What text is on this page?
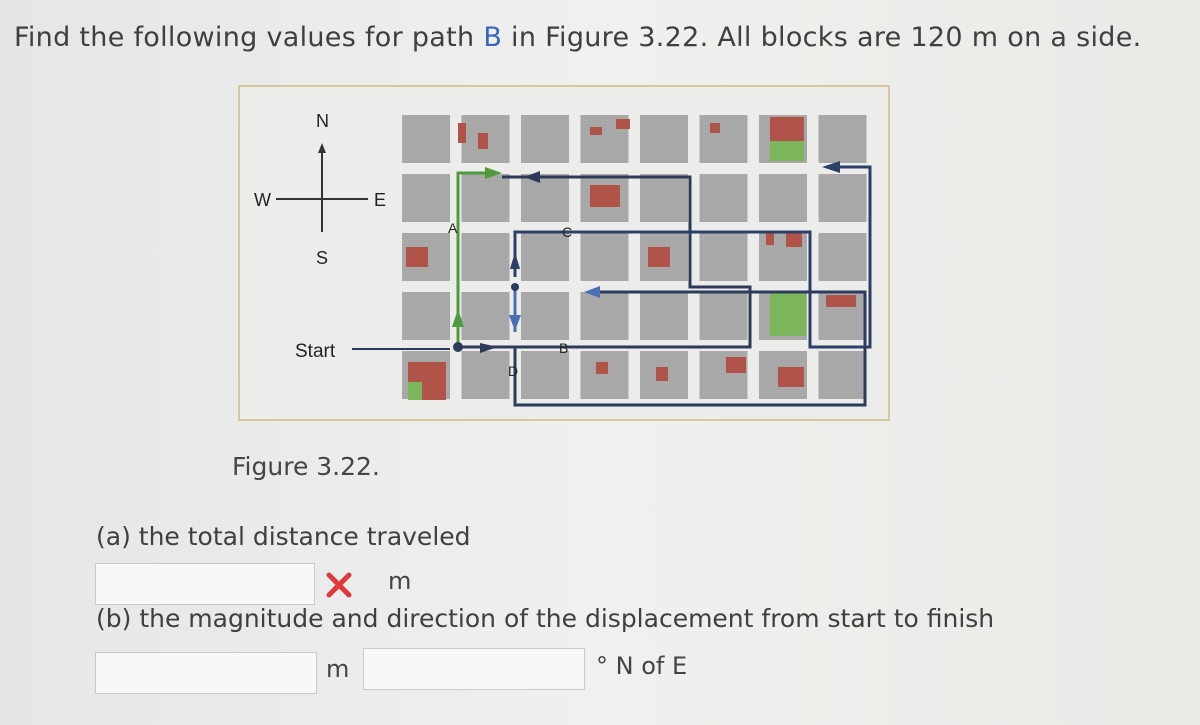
Find the following values for path B in Figure 3.22. All blocks are 120 m on a side.

Start
A
B
C
D
N
S
E
W

Figure 3.22.

(a) the total distance traveled

m

(b) the magnitude and direction of the displacement from start to finish

m	° N of E
